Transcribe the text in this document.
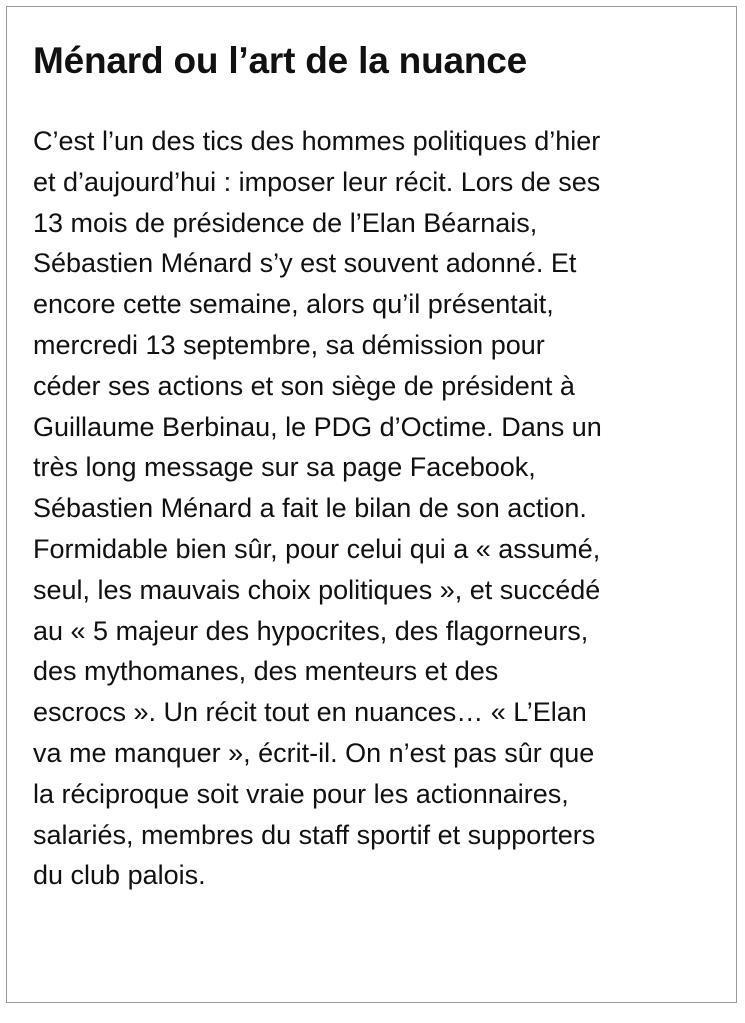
Ménard ou l’art de la nuance

C’est l’un des tics des hommes politiques d’hier
et d’aujourd’hui : imposer leur récit. Lors de ses
13 mois de présidence de l’Elan Béarnais,
Sébastien Ménard s’y est souvent adonné. Et
encore cette semaine, alors qu’il présentait,
mercredi 13 septembre, sa démission pour
céder ses actions et son siège de président à
Guillaume Berbinau, le PDG d’Octime. Dans un
très long message sur sa page Facebook,
Sébastien Ménard a fait le bilan de son action.
Formidable bien sûr, pour celui qui a « assumé,
seul, les mauvais choix politiques », et succédé
au « 5 majeur des hypocrites, des flagorneurs,
des mythomanes, des menteurs et des
escrocs ». Un récit tout en nuances… « L’Elan
va me manquer », écrit-il. On n’est pas sûr que
la réciproque soit vraie pour les actionnaires,
salariés, membres du staff sportif et supporters
du club palois.
